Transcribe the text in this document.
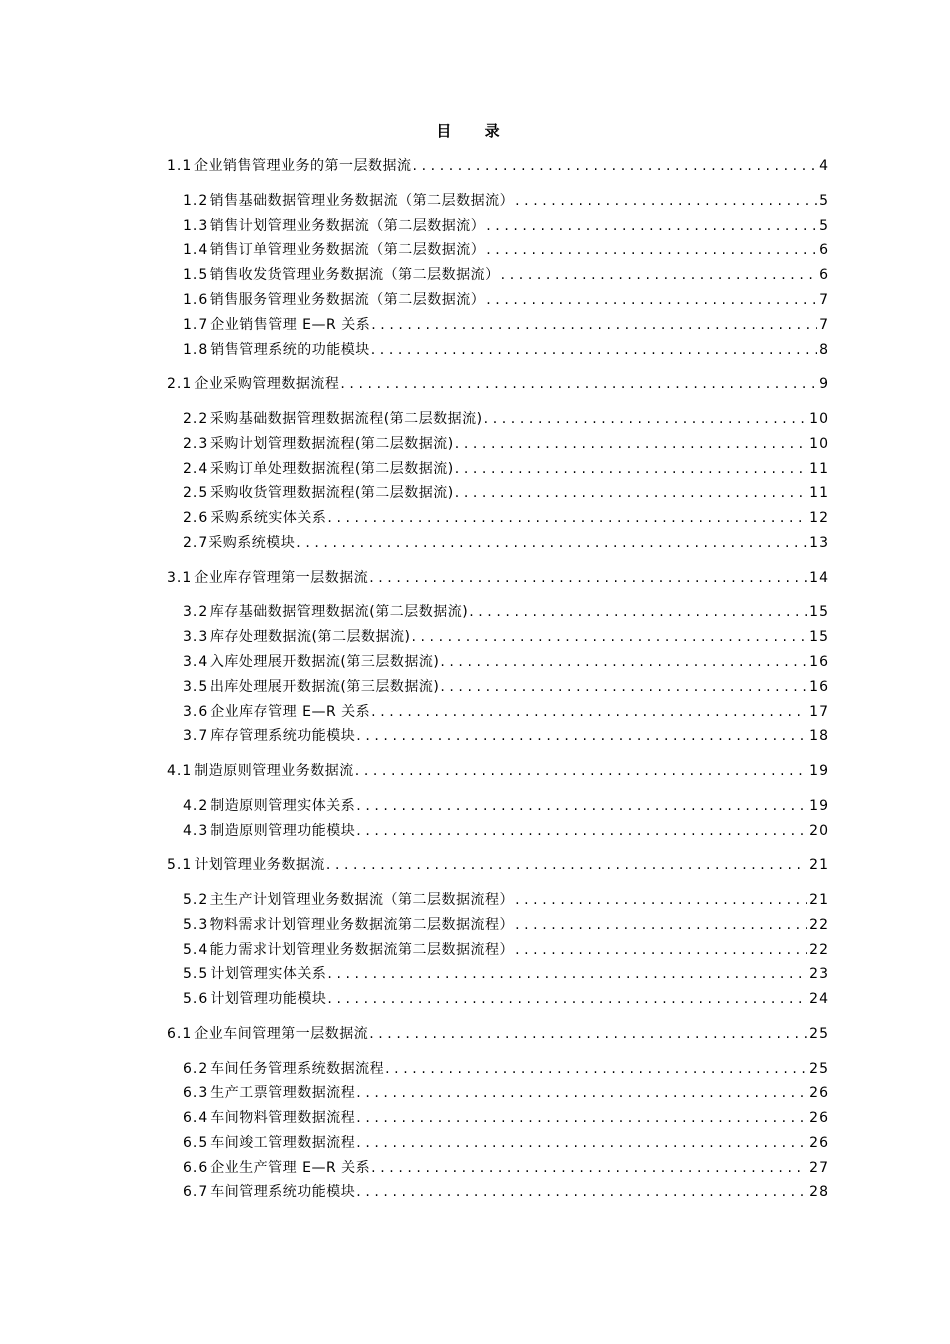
目 录
1.1 企业销售管理业务的第一层数据流 .....	4
1.2 销售基础数据管理业务数据流（第二层数据流） .....	5
1.3 销售计划管理业务数据流（第二层数据流） .....	5
1.4 销售订单管理业务数据流（第二层数据流） .....	6
1.5 销售收发货管理业务数据流（第二层数据流） .....	6
1.6 销售服务管理业务数据流（第二层数据流） .....	7
1.7 企业销售管理 E—R 关系 .....	7
1.8 销售管理系统的功能模块 .....	8
2.1 企业采购管理数据流程 .....	9
2.2 采购基础数据管理数据流程(第二层数据流) .....	10
2.3 采购计划管理数据流程(第二层数据流) .....	10
2.4 采购订单处理数据流程(第二层数据流) .....	11
2.5 采购收货管理数据流程(第二层数据流) .....	11
2.6 采购系统实体关系 .....	12
2.7 采购系统模块 .....	13
3.1 企业库存管理第一层数据流 .....	14
3.2 库存基础数据管理数据流(第二层数据流) .....	15
3.3 库存处理数据流(第二层数据流) .....	15
3.4 入库处理展开数据流(第三层数据流) .....	16
3.5 出库处理展开数据流(第三层数据流) .....	16
3.6 企业库存管理 E—R 关系 .....	17
3.7 库存管理系统功能模块 .....	18
4.1 制造原则管理业务数据流 .....	19
4.2 制造原则管理实体关系 .....	19
4.3 制造原则管理功能模块 .....	20
5.1 计划管理业务数据流 .....	21
5.2 主生产计划管理业务数据流（第二层数据流程） .....	21
5.3 物料需求计划管理业务数据流第二层数据流程） .....	22
5.4 能力需求计划管理业务数据流第二层数据流程） .....	22
5.5 计划管理实体关系 .....	23
5.6 计划管理功能模块 .....	24
6.1 企业车间管理第一层数据流 .....	25
6.2 车间任务管理系统数据流程 .....	25
6.3 生产工票管理数据流程 .....	26
6.4 车间物料管理数据流程 .....	26
6.5 车间竣工管理数据流程 .....	26
6.6 企业生产管理 E—R 关系 .....	27
6.7 车间管理系统功能模块 .....	28
